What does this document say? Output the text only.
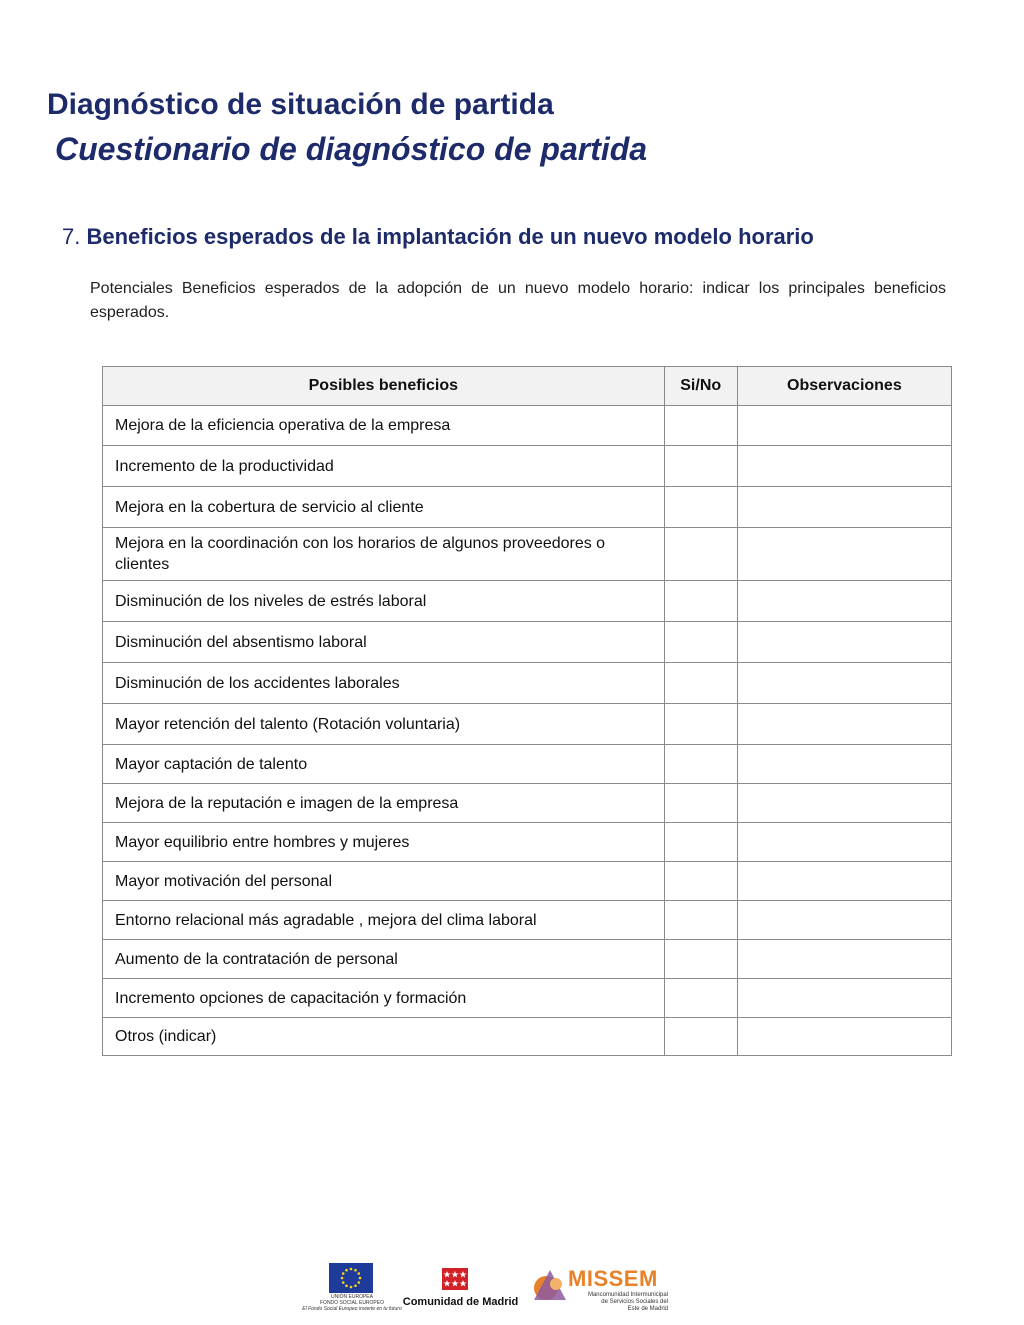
Diagnóstico de situación de partida
Cuestionario de diagnóstico de partida
7. Beneficios esperados de la implantación de un nuevo modelo horario

Potenciales Beneficios esperados de la adopción de un nuevo modelo horario: indicar los principales beneficios esperados.

Posibles beneficios	Si/No	Observaciones
Mejora de la eficiencia operativa de la empresa		
Incremento de la productividad		
Mejora en la cobertura de servicio al cliente		
Mejora en la coordinación con los horarios de algunos proveedores o clientes		
Disminución de los niveles de estrés laboral		
Disminución del absentismo laboral		
Disminución de los accidentes laborales		
Mayor retención del talento (Rotación voluntaria)		
Mayor captación de talento		
Mejora de la reputación e imagen de la empresa		
Mayor equilibrio entre hombres y mujeres		
Mayor motivación del personal		
Entorno relacional más agradable , mejora del clima laboral		
Aumento de la contratación de personal		
Incremento opciones de capacitación y formación		
Otros (indicar)		
UNIÓN EUROPEA
FONDO SOCIAL EUROPEO
El Fondo Social Europeo invierte en tu futuro
Comunidad de Madrid
MISSEM
Mancomunidad Intermunicipal
de Servicios Sociales del
Este de Madrid
